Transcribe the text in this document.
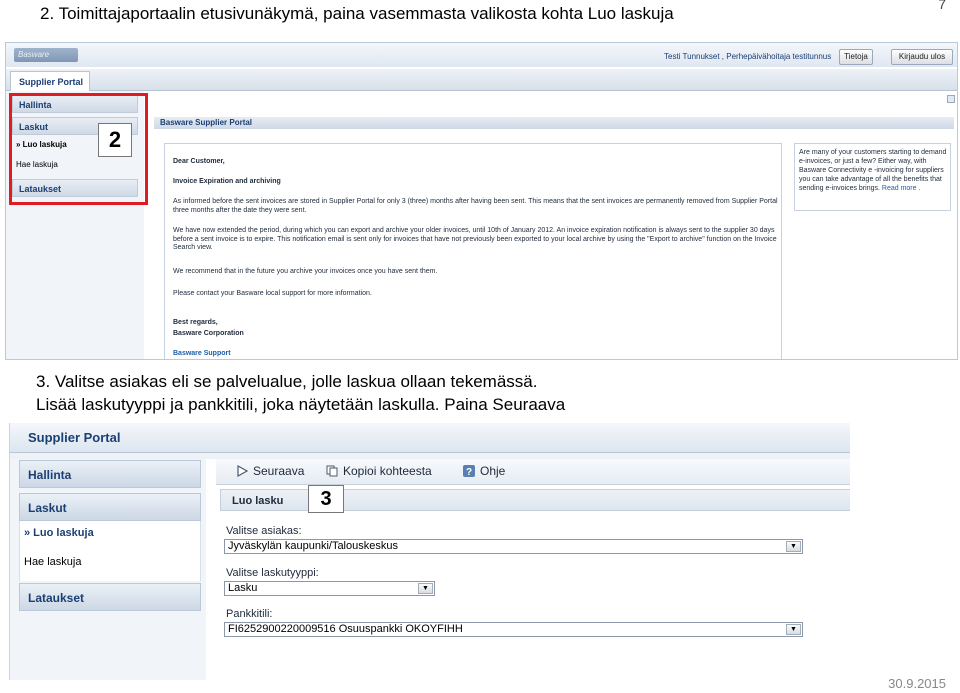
2. Toimittajaportaalin etusivunäkymä, paina vasemmasta valikosta kohta Luo laskuja	7
Basware	Testi Tunnukset , Perhepäivähoitaja testitunnus	Tietoja	Kirjaudu ulos
Supplier Portal
Hallinta
Laskut
» Luo laskuja
Hae laskuja
Lataukset
2
Basware Supplier Portal

Dear Customer,

Invoice Expiration and archiving

As informed before the sent invoices are stored in Supplier Portal for only 3 (three) months after having been sent. This means that the sent invoices are permanently removed from Supplier Portal three months after the date they were sent.

We have now extended the period, during which you can export and archive your older invoices, until 10th of January 2012. An invoice expiration notification is always sent to the supplier 30 days before a sent invoice is to expire. This notification email is sent only for invoices that have not previously been exported to your local archive by using the "Export to archive" function on the Invoice Search view.

We recommend that in the future you archive your invoices once you have sent them.

Please contact your Basware local support for more information.

Best regards,

Basware Corporation

Basware Support

Are many of your customers starting to demand e-invoices, or just a few? Either way, with Basware Connectivity e -invoicing for suppliers you can take advantage of all the benefits that sending e-invoices brings. Read more .

3. Valitse asiakas eli se palvelualue, jolle laskua ollaan tekemässä.
Lisää laskutyyppi ja pankkitili, joka näytetään laskulla. Paina Seuraava
Supplier Portal
Hallinta
Laskut
» Luo laskuja
Hae laskuja
Lataukset
Seuraava	Kopioi kohteesta	? Ohje
Luo lasku	3
Valitse asiakas:
Jyväskylän kaupunki/Talouskeskus	▼
Valitse laskutyyppi:
Lasku	▼
Pankkitili:
FI6252900220009516 Osuuspankki OKOYFIHH	▼
30.9.2015
